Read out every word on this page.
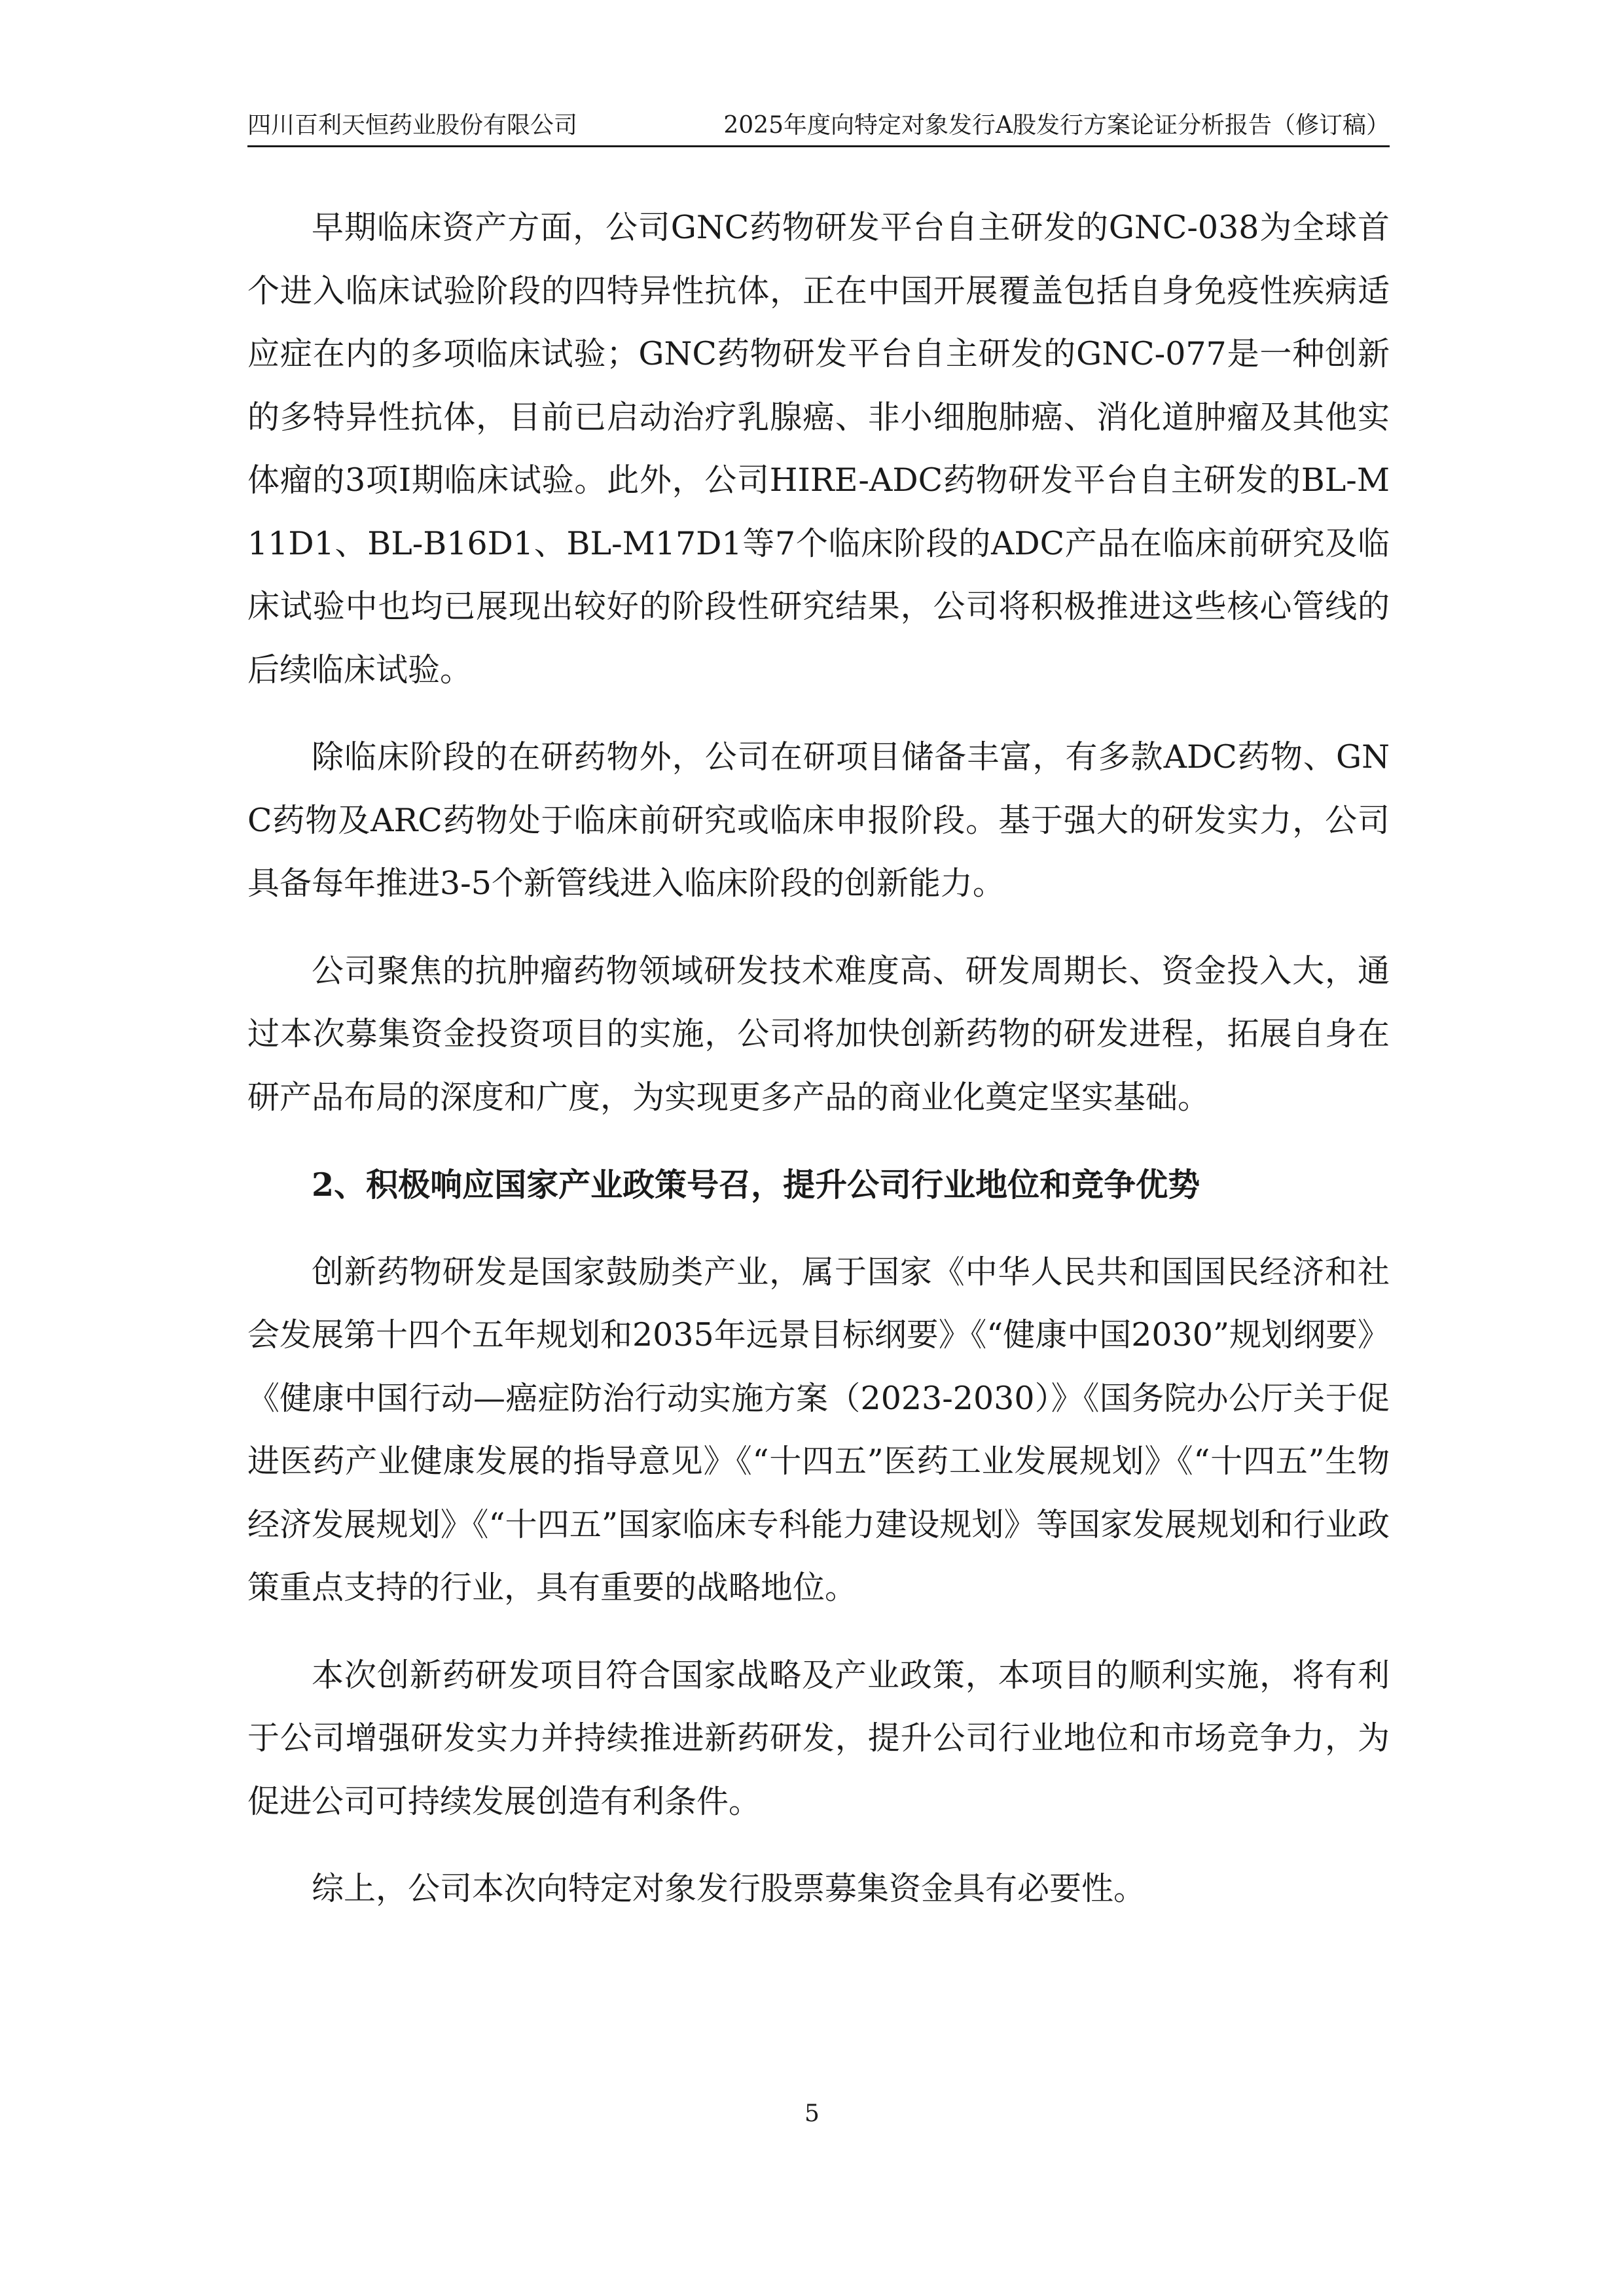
四川百利天恒药业股份有限公司	2025年度向特定对象发行A股发行方案论证分析报告（修订稿）

早期临床资产方面，公司GNC药物研发平台自主研发的GNC-038为全球首个进入临床试验阶段的四特异性抗体，正在中国开展覆盖包括自身免疫性疾病适应症在内的多项临床试验；GNC药物研发平台自主研发的GNC-077是一种创新的多特异性抗体，目前已启动治疗乳腺癌、非小细胞肺癌、消化道肿瘤及其他实体瘤的3项I期临床试验。此外，公司HIRE-ADC药物研发平台自主研发的BL-M11D1、BL-B16D1、BL-M17D1等7个临床阶段的ADC产品在临床前研究及临床试验中也均已展现出较好的阶段性研究结果，公司将积极推进这些核心管线的后续临床试验。

除临床阶段的在研药物外，公司在研项目储备丰富，有多款ADC药物、GNC药物及ARC药物处于临床前研究或临床申报阶段。基于强大的研发实力，公司具备每年推进3-5个新管线进入临床阶段的创新能力。

公司聚焦的抗肿瘤药物领域研发技术难度高、研发周期长、资金投入大，通过本次募集资金投资项目的实施，公司将加快创新药物的研发进程，拓展自身在研产品布局的深度和广度，为实现更多产品的商业化奠定坚实基础。

2、积极响应国家产业政策号召，提升公司行业地位和竞争优势

创新药物研发是国家鼓励类产业，属于国家《中华人民共和国国民经济和社会发展第十四个五年规划和2035年远景目标纲要》《“健康中国2030”规划纲要》《健康中国行动—癌症防治行动实施方案（2023-2030）》《国务院办公厅关于促进医药产业健康发展的指导意见》《“十四五”医药工业发展规划》《“十四五”生物经济发展规划》《“十四五”国家临床专科能力建设规划》等国家发展规划和行业政策重点支持的行业，具有重要的战略地位。

本次创新药研发项目符合国家战略及产业政策，本项目的顺利实施，将有利于公司增强研发实力并持续推进新药研发，提升公司行业地位和市场竞争力，为促进公司可持续发展创造有利条件。

综上，公司本次向特定对象发行股票募集资金具有必要性。

5
